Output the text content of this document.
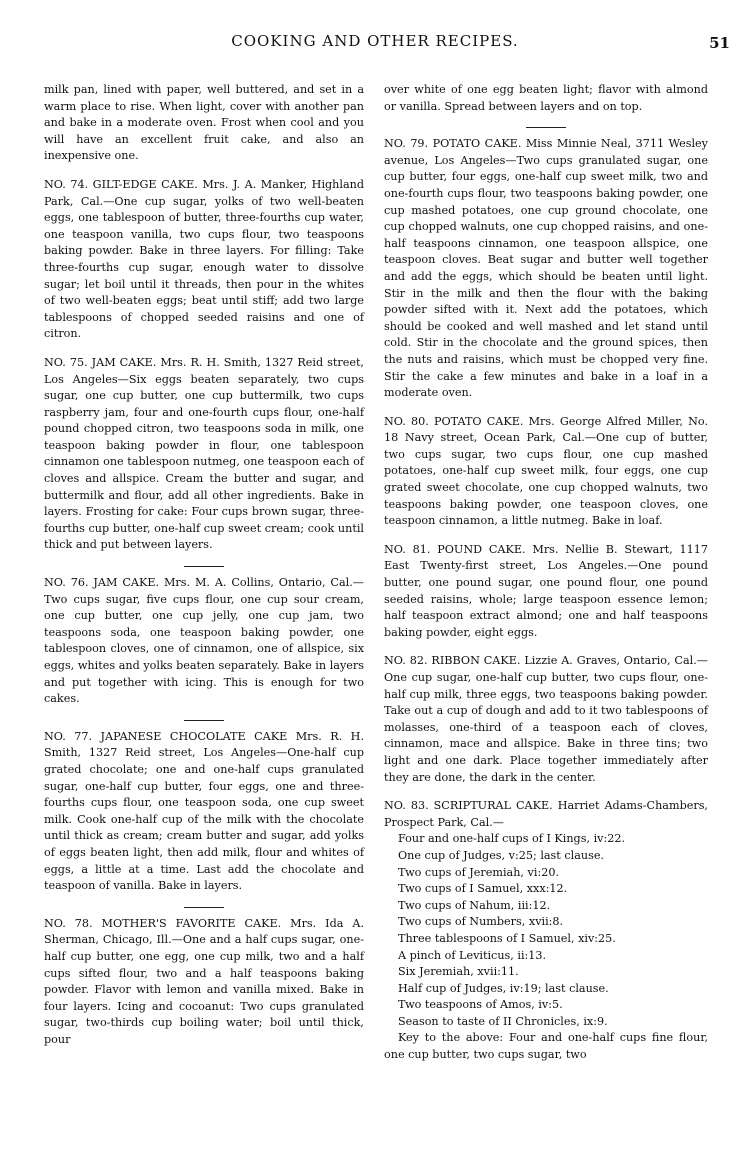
COOKING AND OTHER RECIPES.	51

milk pan, lined with paper, well buttered, and set in a warm place to rise. When light, cover with another pan and bake in a moderate oven. Frost when cool and you will have an excellent fruit cake, and also an inexpensive one.

NO. 74. GILT-EDGE CAKE. Mrs. J. A. Manker, Highland Park, Cal.—One cup sugar, yolks of two well-beaten eggs, one tablespoon of butter, three-fourths cup water, one teaspoon vanilla, two cups flour, two teaspoons baking powder. Bake in three layers. For filling: Take three-fourths cup sugar, enough water to dissolve sugar; let boil until it threads, then pour in the whites of two well-beaten eggs; beat until stiff; add two large tablespoons of chopped seeded raisins and one of citron.

NO. 75. JAM CAKE. Mrs. R. H. Smith, 1327 Reid street, Los Angeles—Six eggs beaten separately, two cups sugar, one cup butter, one cup buttermilk, two cups raspberry jam, four and one-fourth cups flour, one-half pound chopped citron, two teaspoons soda in milk, one teaspoon baking powder in flour, one tablespoon cinnamon one tablespoon nutmeg, one teaspoon each of cloves and allspice. Cream the butter and sugar, and buttermilk and flour, add all other ingredients. Bake in layers. Frosting for cake: Four cups brown sugar, three-fourths cup butter, one-half cup sweet cream; cook until thick and put between layers.

NO. 76. JAM CAKE. Mrs. M. A. Collins, Ontario, Cal.—Two cups sugar, five cups flour, one cup sour cream, one cup butter, one cup jelly, one cup jam, two teaspoons soda, one teaspoon baking powder, one tablespoon cloves, one of cinnamon, one of allspice, six eggs, whites and yolks beaten separately. Bake in layers and put together with icing. This is enough for two cakes.

NO. 77. JAPANESE CHOCOLATE CAKE Mrs. R. H. Smith, 1327 Reid street, Los Angeles—One-half cup grated chocolate; one and one-half cups granulated sugar, one-half cup butter, four eggs, one and three-fourths cups flour, one teaspoon soda, one cup sweet milk. Cook one-half cup of the milk with the chocolate until thick as cream; cream butter and sugar, add yolks of eggs beaten light, then add milk, flour and whites of eggs, a little at a time. Last add the chocolate and teaspoon of vanilla. Bake in layers.

NO. 78. MOTHER'S FAVORITE CAKE. Mrs. Ida A. Sherman, Chicago, Ill.—One and a half cups sugar, one-half cup butter, one egg, one cup milk, two and a half cups sifted flour, two and a half teaspoons baking powder. Flavor with lemon and vanilla mixed. Bake in four layers. Icing and cocoanut: Two cups granulated sugar, two-thirds cup boiling water; boil until thick, pour

over white of one egg beaten light; flavor with almond or vanilla. Spread between layers and on top.

NO. 79. POTATO CAKE. Miss Minnie Neal, 3711 Wesley avenue, Los Angeles—Two cups granulated sugar, one cup butter, four eggs, one-half cup sweet milk, two and one-fourth cups flour, two teaspoons baking powder, one cup mashed potatoes, one cup ground chocolate, one cup chopped walnuts, one cup chopped raisins, and one-half teaspoons cinnamon, one teaspoon allspice, one teaspoon cloves. Beat sugar and butter well together and add the eggs, which should be beaten until light. Stir in the milk and then the flour with the baking powder sifted with it. Next add the potatoes, which should be cooked and well mashed and let stand until cold. Stir in the chocolate and the ground spices, then the nuts and raisins, which must be chopped very fine. Stir the cake a few minutes and bake in a loaf in a moderate oven.

NO. 80. POTATO CAKE. Mrs. George Alfred Miller, No. 18 Navy street, Ocean Park, Cal.—One cup of butter, two cups sugar, two cups flour, one cup mashed potatoes, one-half cup sweet milk, four eggs, one cup grated sweet chocolate, one cup chopped walnuts, two teaspoons baking powder, one teaspoon cloves, one teaspoon cinnamon, a little nutmeg. Bake in loaf.

NO. 81. POUND CAKE. Mrs. Nellie B. Stewart, 1117 East Twenty-first street, Los Angeles.—One pound butter, one pound sugar, one pound flour, one pound seeded raisins, whole; large teaspoon essence lemon; half teaspoon extract almond; one and half teaspoons baking powder, eight eggs.

NO. 82. RIBBON CAKE. Lizzie A. Graves, Ontario, Cal.—One cup sugar, one-half cup butter, two cups flour, one-half cup milk, three eggs, two teaspoons baking powder. Take out a cup of dough and add to it two tablespoons of molasses, one-third of a teaspoon each of cloves, cinnamon, mace and allspice. Bake in three tins; two light and one dark. Place together immediately after they are done, the dark in the center.

NO. 83. SCRIPTURAL CAKE. Harriet Adams-Chambers, Prospect Park, Cal.—

Four and one-half cups of I Kings, iv:22.
One cup of Judges, v:25; last clause.
Two cups of Jeremiah, vi:20.
Two cups of I Samuel, xxx:12.
Two cups of Nahum, iii:12.
Two cups of Numbers, xvii:8.
Three tablespoons of I Samuel, xiv:25.
A pinch of Leviticus, ii:13.
Six Jeremiah, xvii:11.
Half cup of Judges, iv:19; last clause.
Two teaspoons of Amos, iv:5.
Season to taste of II Chronicles, ix:9.
Key to the above: Four and one-half cups fine flour, one cup butter, two cups sugar, two
